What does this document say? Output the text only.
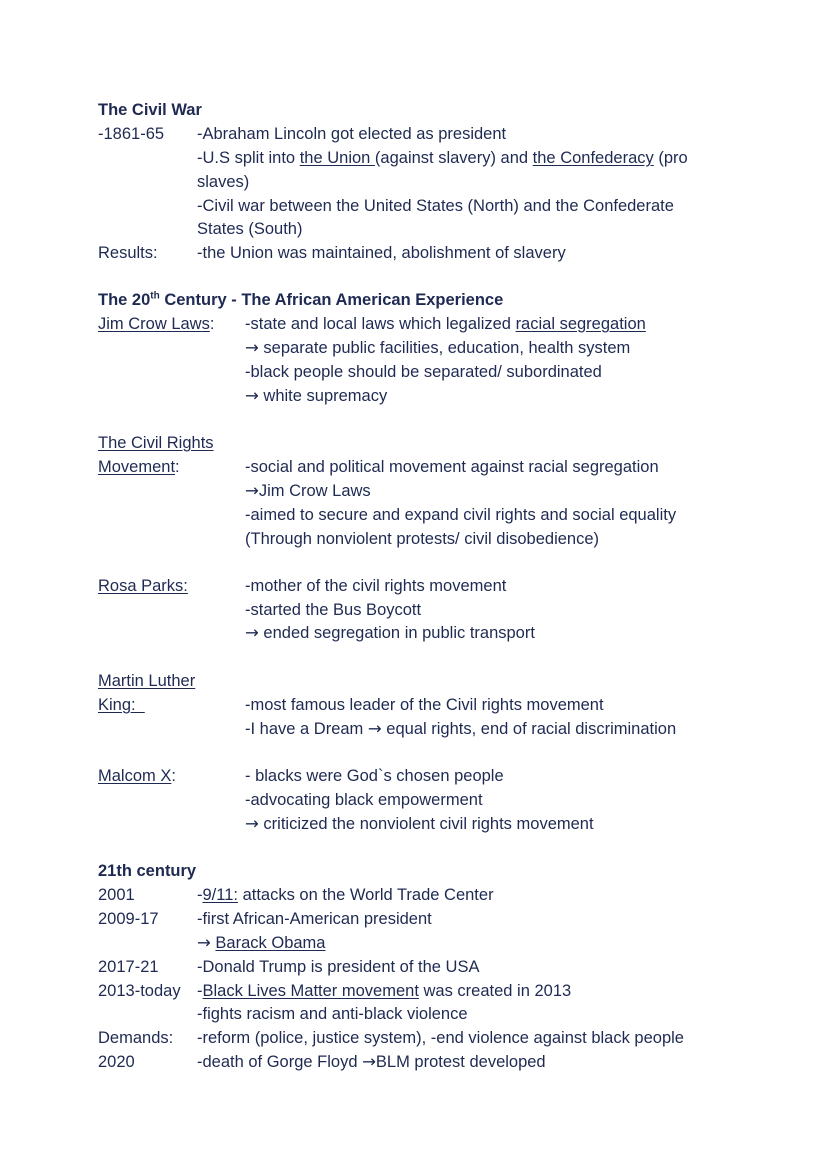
The Civil War
-1861-65 -Abraham Lincoln got elected as president
-U.S split into the Union (against slavery) and the Confederacy (pro
slaves)
-Civil war between the United States (North) and the Confederate
States (South)
Results: -the Union was maintained, abolishment of slavery
The 20th Century - The African American Experience
Jim Crow Laws: -state and local laws which legalized racial segregation
→ separate public facilities, education, health system
-black people should be separated/ subordinated
→ white supremacy
The Civil Rights
Movement:	-social and political movement against racial segregation
→Jim Crow Laws
-aimed to secure and expand civil rights and social equality
(Through nonviolent protests/ civil disobedience)
Rosa Parks:	-mother of the civil rights movement
-started the Bus Boycott
→ ended segregation in public transport
Martin Luther
King:	-most famous leader of the Civil rights movement
-I have a Dream → equal rights, end of racial discrimination
Malcom X:	- blacks were God`s chosen people
-advocating black empowerment
→ criticized the nonviolent civil rights movement
21th century
2001	-9/11: attacks on the World Trade Center
2009-17 -first African-American president
→ Barack Obama
2017-21 -Donald Trump is president of the USA
2013-today -Black Lives Matter movement was created in 2013
-fights racism and anti-black violence
Demands: -reform (police, justice system), -end violence against black people
2020	-death of Gorge Floyd →BLM protest developed
